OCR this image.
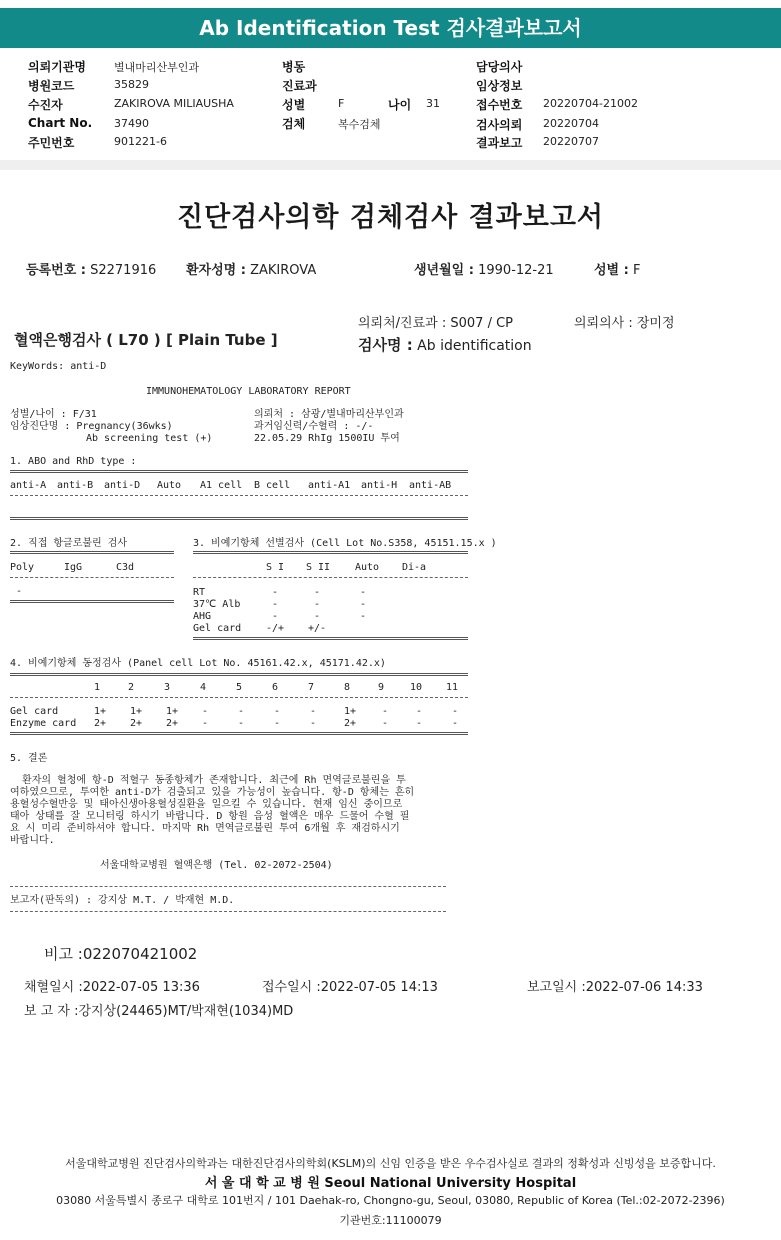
Ab Identification Test 검사결과보고서
의뢰기관명	별내마리산부인과
병원코드	35829
수진자	ZAKIROVA MILIAUSHA
Chart No. 37490
주민번호	901221-6
병동
진료과
성별	F	나이 31
검체	복수검체
담당의사
임상정보
접수번호 20220704-21002
검사의뢰 20220704
결과보고 20220707
진단검사의학 검체검사 결과보고서
등록번호 : S2271916 환자성명 : ZAKIROVA	생년월일 : 1990-12-21	성별 : F
의뢰처/진료과 : S007 / CP	의뢰의사 : 장미정
혈액은행검사 ( L70 ) [ Plain Tube ]	검사명 : Ab identification
KeyWords: anti-D
IMMUNOHEMATOLOGY LABORATORY REPORT
성별/나이 : F/31
임상진단명 : Pregnancy(36wks)
Ab screening test (+)
의뢰처 : 삼광/별내마리산부인과
과거임신력/수혈력 : -/-
22.05.29 RhIg 1500IU 투여
1. ABO and RhD type :
anti-A anti-B anti-D Auto A1 cell B cell anti-A1 anti-H anti-AB
2. 직접 항글로불린 검사
Poly	IgG	C3d
-
3. 비예기항체 선별검사 (Cell Lot No.S358, 45151.15.x )
S I S II Auto Di-a
RT	-	-	-
37℃ Alb	-	-	-
AHG	-	-	-
Gel card -/+ +/-
4. 비예기항체 동정검사 (Panel cell Lot No. 45161.42.x, 45171.42.x)
1	2	3	4	5	6	7	8	9	10 11
Gel card	1+ 1+ 1+ -	-	-	-	1+	-	-	-
Enzyme card 2+ 2+ 2+ -	-	-	-	2+	-	-	-
5. 결론
환자의 혈청에 항-D 적혈구 동종항체가 존재합니다. 최근에 Rh 면역글로불린을 투
여하였으므로, 투여한 anti-D가 검출되고 있을 가능성이 높습니다. 항-D 항체는 흔히
용혈성수혈반응 및 태아신생아용혈성질환을 일으킬 수 있습니다. 현재 임신 중이므로
태아 상태를 잘 모니터링 하시기 바랍니다. D 항원 음성 혈액은 매우 드물어 수혈 필
요 시 미리 준비하셔야 합니다. 마지막 Rh 면역글로불린 투여 6개월 후 재검하시기
바랍니다.
서울대학교병원 혈액은행 (Tel. 02-2072-2504)
보고자(판독의) : 강지상 M.T. / 박재현 M.D.
비고 :022070421002
채혈일시 :2022-07-05 13:36	접수일시 :2022-07-05 14:13	보고일시 :2022-07-06 14:33
보 고 자 :강지상(24465)MT/박재현(1034)MD
서울대학교병원 진단검사의학과는 대한진단검사의학회(KSLM)의 신임 인증을 받은 우수검사실로 결과의 정확성과 신빙성을 보증합니다.
서 울 대 학 교 병 원 Seoul National University Hospital
03080 서울특별시 종로구 대학로 101번지 / 101 Daehak-ro, Chongno-gu, Seoul, 03080, Republic of Korea (Tel.:02-2072-2396)
기관번호:11100079
